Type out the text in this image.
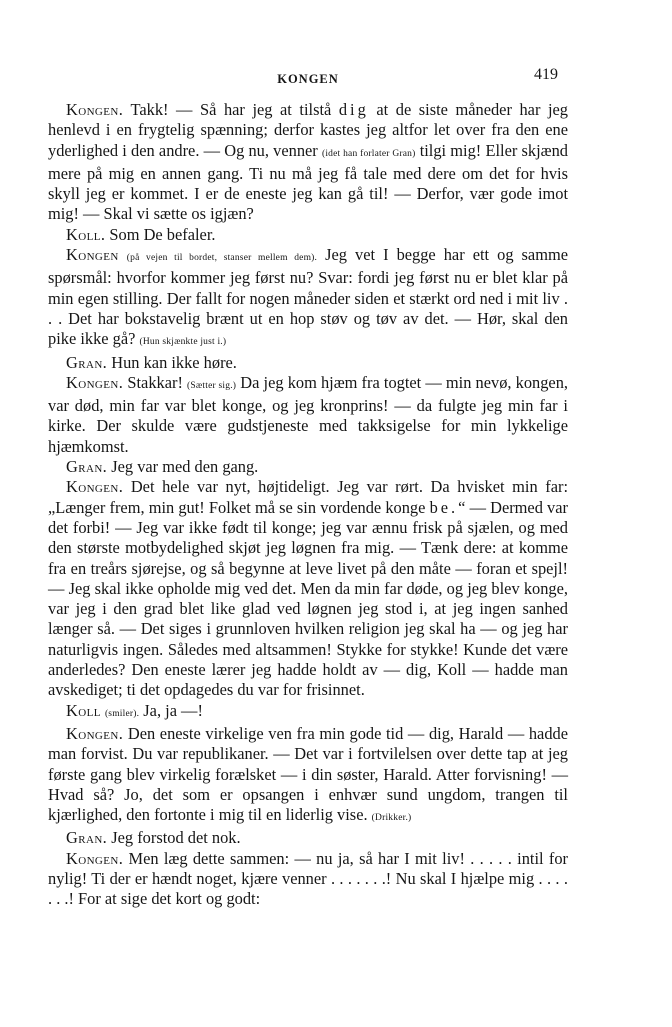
KONGEN	419

Kongen. Takk! — Så har jeg at tilstå dig at de siste måneder har jeg henlevd i en frygtelig spænning; derfor kastes jeg altfor let over fra den ene yderlighed i den andre. — Og nu, venner (idet han forlater Gran) tilgi mig! Eller skjænd mere på mig en annen gang. Ti nu må jeg få tale med dere om det for hvis skyll jeg er kommet. I er de eneste jeg kan gå til! — Derfor, vær gode imot mig! — Skal vi sætte os igjæn?

Koll. Som De befaler.

Kongen (på vejen til bordet, stanser mellem dem). Jeg vet I begge har ett og samme spørsmål: hvorfor kommer jeg først nu? Svar: fordi jeg først nu er blet klar på min egen stilling. Der fallt for nogen måneder siden et stærkt ord ned i mit liv . . . Det har bokstavelig brænt ut en hop støv og tøv av det. — Hør, skal den pike ikke gå? (Hun skjænkte just i.)

Gran. Hun kan ikke høre.

Kongen. Stakkar! (Sætter sig.) Da jeg kom hjæm fra togtet — min nevø, kongen, var død, min far var blet konge, og jeg kronprins! — da fulgte jeg min far i kirke. Der skulde være gudstjeneste med takksigelse for min lykkelige hjæmkomst.

Gran. Jeg var med den gang.

Kongen. Det hele var nyt, højtideligt. Jeg var rørt. Da hvisket min far: „Længer frem, min gut! Folket må se sin vordende konge be.“ — Dermed var det forbi! — Jeg var ikke født til konge; jeg var ænnu frisk på sjælen, og med den største motbydelighed skjøt jeg løgnen fra mig. — Tænk dere: at komme fra en treårs sjørejse, og så begynne at leve livet på den måte — foran et spejl! — Jeg skal ikke opholde mig ved det. Men da min far døde, og jeg blev konge, var jeg i den grad blet like glad ved løgnen jeg stod i, at jeg ingen sanhed længer så. — Det siges i grunnloven hvilken religion jeg skal ha — og jeg har naturligvis ingen. Således med altsammen! Stykke for stykke! Kunde det være anderledes? Den eneste lærer jeg hadde holdt av — dig, Koll — hadde man avskediget; ti det opdagedes du var for frisinnet.

Koll (smiler). Ja, ja —!

Kongen. Den eneste virkelige ven fra min gode tid — dig, Harald — hadde man forvist. Du var republikaner. — Det var i fortvilelsen over dette tap at jeg første gang blev virkelig forælsket — i din søster, Harald. Atter forvisning! — Hvad så? Jo, det som er opsangen i enhvær sund ungdom, trangen til kjærlighed, den fortonte i mig til en liderlig vise. (Drikker.)

Gran. Jeg forstod det nok.

Kongen. Men læg dette sammen: — nu ja, så har I mit liv! . . . . . intil for nylig! Ti der er hændt noget, kjære venner . . . . . . .! Nu skal I hjælpe mig . . . . . . .! For at sige det kort og godt:
